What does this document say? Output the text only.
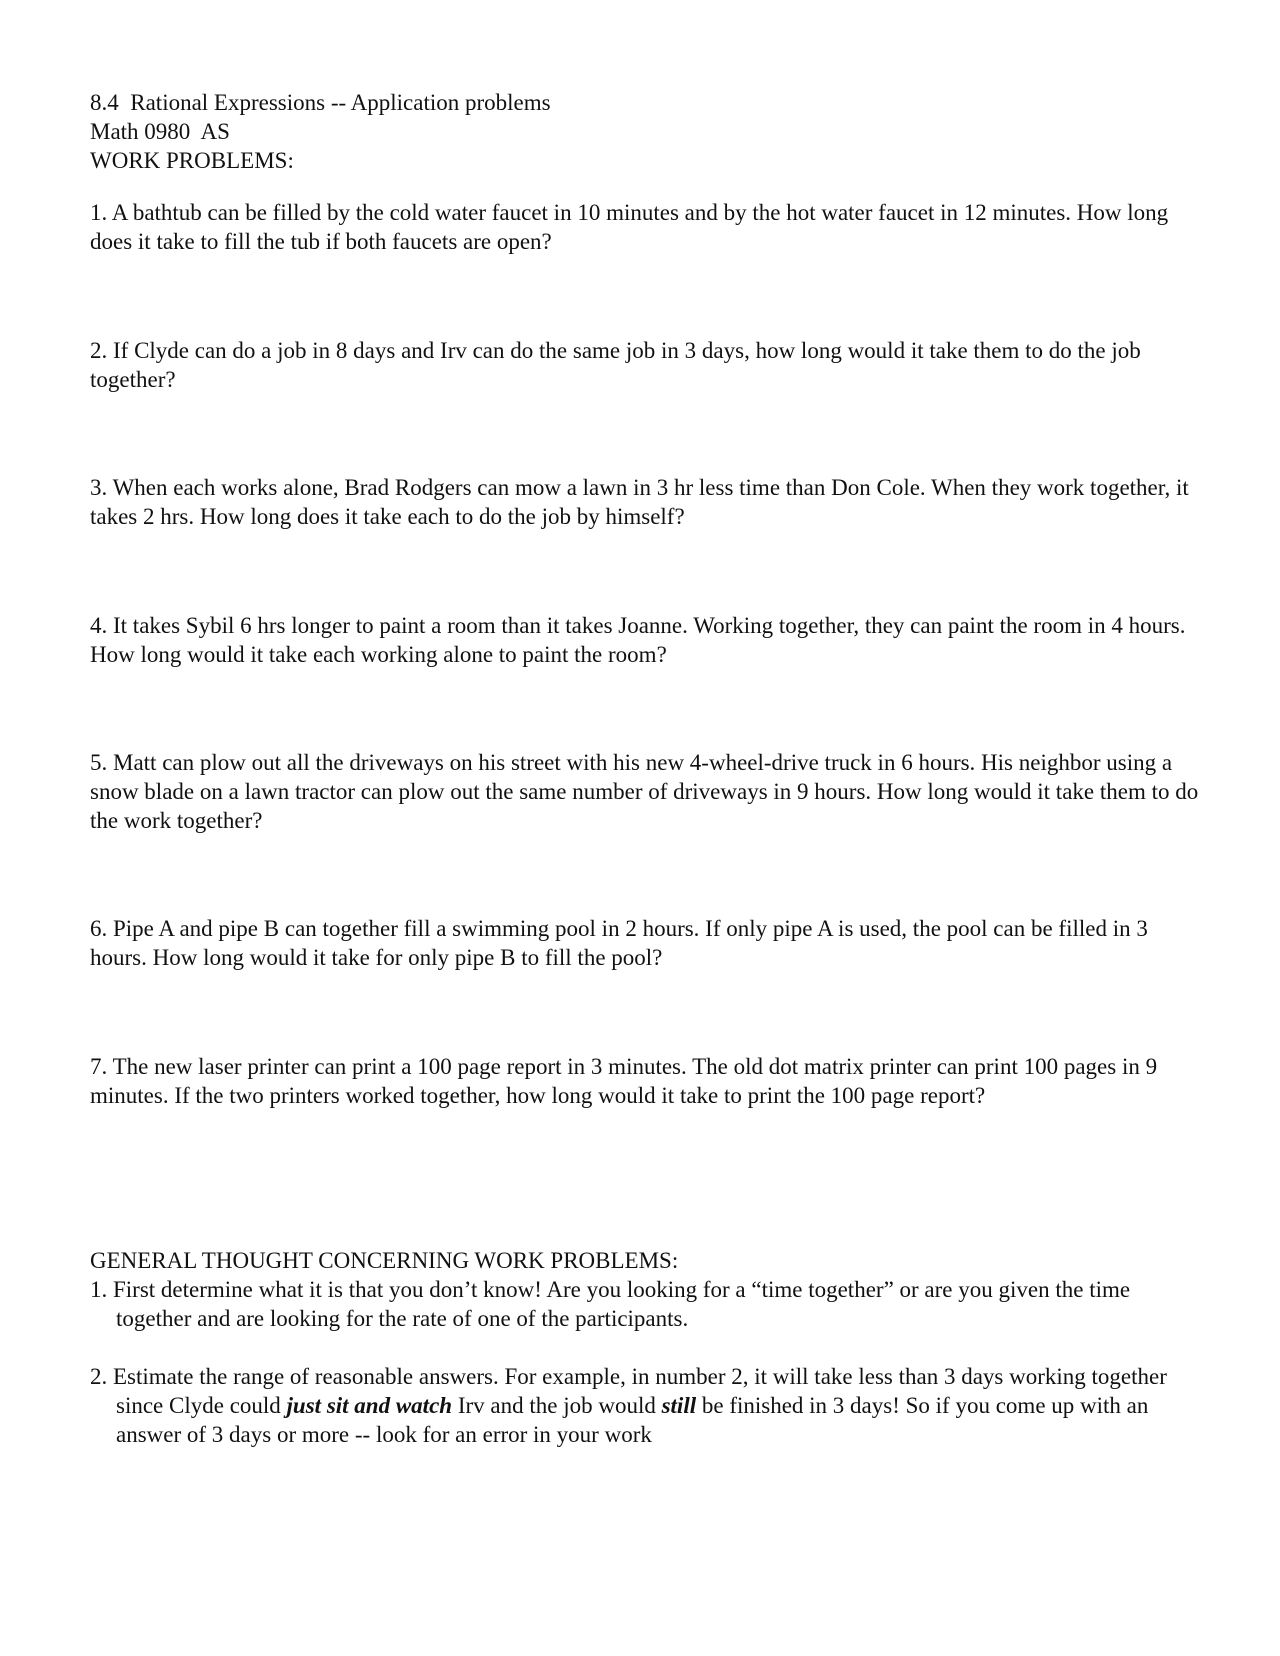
8.4  Rational Expressions -- Application problems
Math 0980  AS
WORK PROBLEMS:
1. A bathtub can be filled by the cold water faucet in 10 minutes and by the hot water faucet in 12 minutes. How long does it take to fill the tub if both faucets are open?
2. If Clyde can do a job in 8 days and Irv can do the same job in 3 days, how long would it take them to do the job together?
3. When each works alone, Brad Rodgers can mow a lawn in 3 hr less time than Don Cole. When they work together, it takes 2 hrs. How long does it take each to do the job by himself?
4. It takes Sybil 6 hrs longer to paint a room than it takes Joanne. Working together, they can paint the room in 4 hours. How long would it take each working alone to paint the room?
5. Matt can plow out all the driveways on his street with his new 4-wheel-drive truck in 6 hours. His neighbor using a snow blade on a lawn tractor can plow out the same number of driveways in 9 hours. How long would it take them to do the work together?
6. Pipe A and pipe B can together fill a swimming pool in 2 hours. If only pipe A is used, the pool can be filled in 3 hours. How long would it take for only pipe B to fill the pool?
7. The new laser printer can print a 100 page report in 3 minutes. The old dot matrix printer can print 100 pages in 9 minutes. If the two printers worked together, how long would it take to print the 100 page report?
GENERAL THOUGHT CONCERNING WORK PROBLEMS:
1. First determine what it is that you don’t know! Are you looking for a “time together” or are you given the time together and are looking for the rate of one of the participants.
2. Estimate the range of reasonable answers. For example, in number 2, it will take less than 3 days working together since Clyde could just sit and watch Irv and the job would still be finished in 3 days! So if you come up with an answer of 3 days or more -- look for an error in your work
